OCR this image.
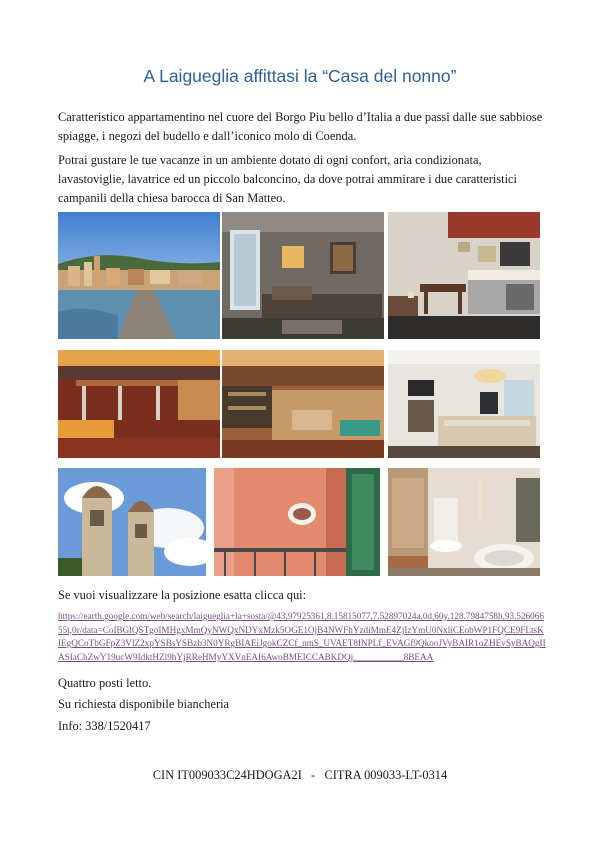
A Laigueglia affittasi la “Casa del nonno”

Caratteristico appartamentino nel cuore del Borgo Piu bello d’Italia a due passi dalle sue sabbiose spiagge, i negozi del budello e dall’iconico molo di Coenda.

Potrai gustare le tue vacanze in un ambiente dotato di ogni confort, aria condizionata, lavastoviglie, lavatrice ed un piccolo balconcino, da dove potrai ammirare i due caratteristici campanili della chiesa barocca di San Matteo.

Se vuoi visualizzare la posizione esatta clicca qui:

https://earth.google.com/web/search/laigueglia+la+sosta/@43.97925361,8.15815077,7.52897024a,0d,60y,128.7984758h,93.52606655t,0r/data=CoIBGlQSTgoIMHgxMmQyNWQxNDYxMzk5OGE1OjB4NWFhYzdiMmE4ZjIzYmU0NxliCEobWP1FQCE9FLtsKIEgQCoTbGFpZ3VlZ2xpYSBsYSBzb3N0YRgBIAEiJgokCZCf_nmS_UVAET8INPLf_EVAGf9QkooJVyBAIR1oZHEvSyBAQgIIASIaChZwY19ucW9IdktHZl9hYjRReHMyYXVnEAI6AwoBMEICCABKDQj___________8BEAA

Quattro posti letto.
Su richiesta disponibile biancheria
Info: 338/1520417
CIN IT009033C24HDOGA2I   -   CITRA 009033-LT-0314
